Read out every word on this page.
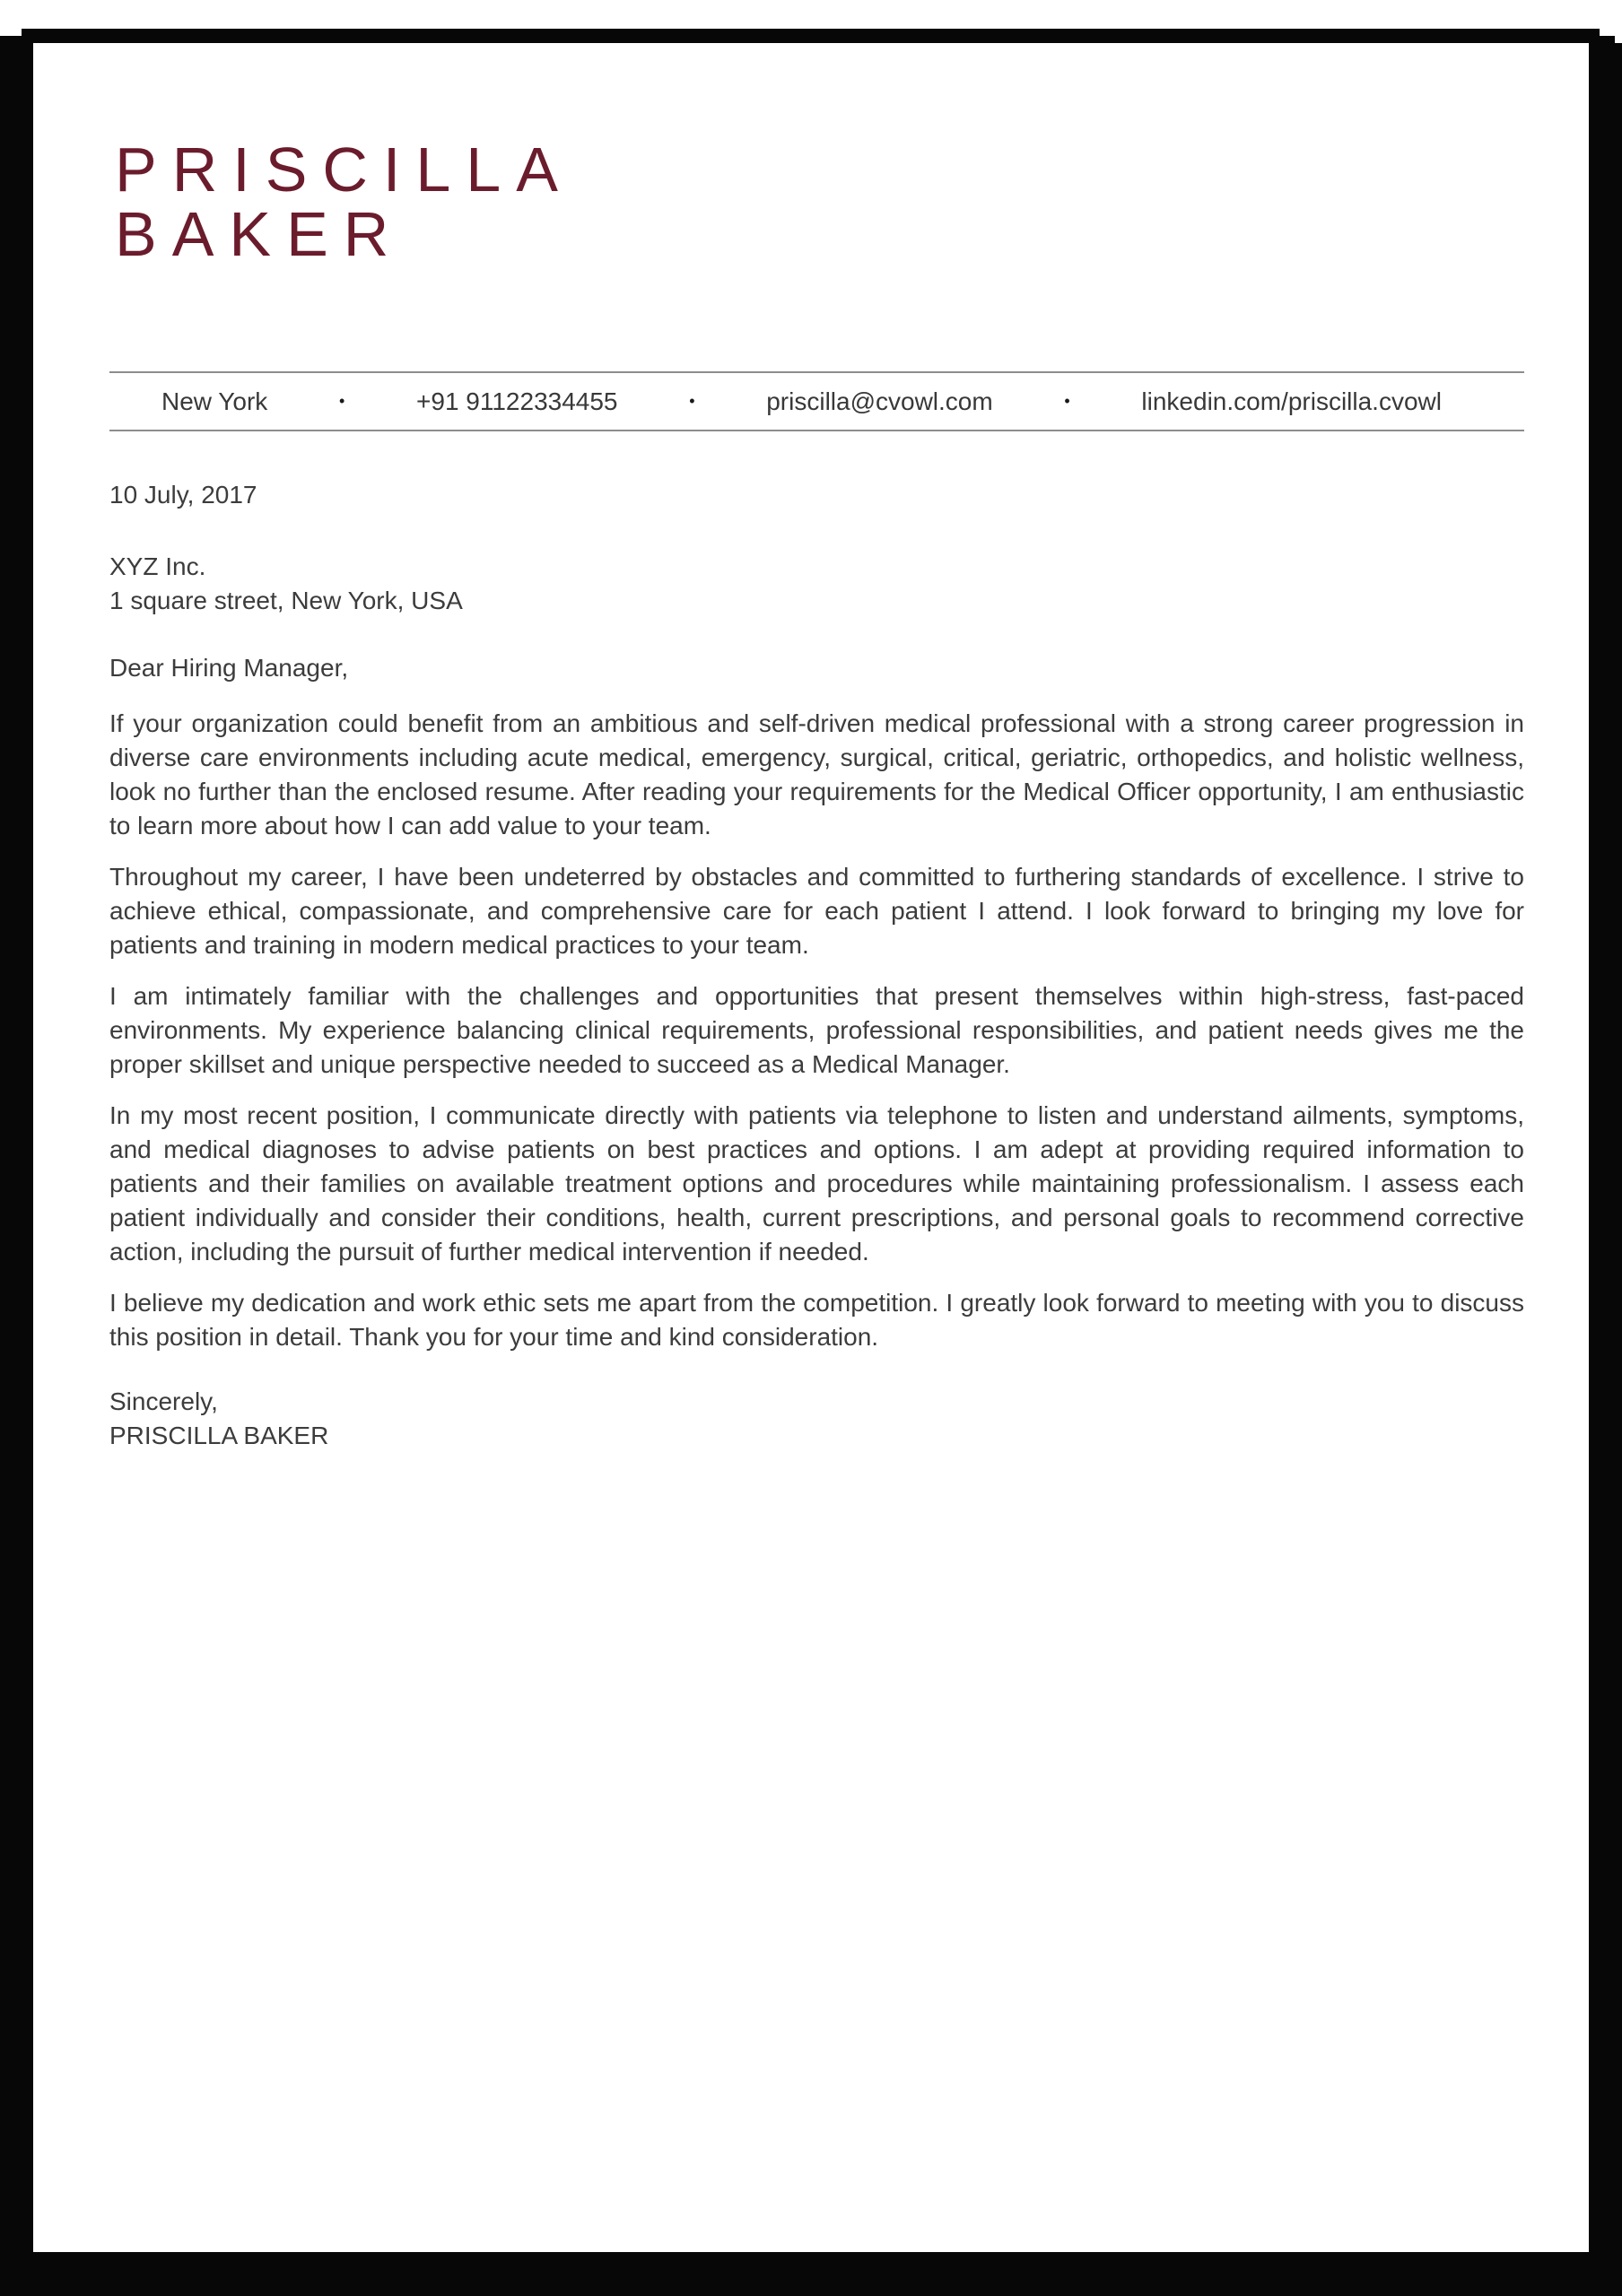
PRISCILLA
BAKER
New York	•	+91 91122334455	•	priscilla@cvowl.com	•	linkedin.com/priscilla.cvowl
10 July, 2017
XYZ Inc.
1 square street, New York, USA
Dear Hiring Manager,

If your organization could benefit from an ambitious and self-driven medical professional with a strong career progression in diverse care environments including acute medical, emergency, surgical, critical, geriatric, orthopedics, and holistic wellness, look no further than the enclosed resume. After reading your requirements for the Medical Officer opportunity, I am enthusiastic to learn more about how I can add value to your team.

Throughout my career, I have been undeterred by obstacles and committed to furthering standards of excellence. I strive to achieve ethical, compassionate, and comprehensive care for each patient I attend. I look forward to bringing my love for patients and training in modern medical practices to your team.

I am intimately familiar with the challenges and opportunities that present themselves within high-stress, fast-paced environments. My experience balancing clinical requirements, professional responsibilities, and patient needs gives me the proper skillset and unique perspective needed to succeed as a Medical Manager.

In my most recent position, I communicate directly with patients via telephone to listen and understand ailments, symptoms, and medical diagnoses to advise patients on best practices and options. I am adept at providing required information to patients and their families on available treatment options and procedures while maintaining professionalism. I assess each patient individually and consider their conditions, health, current prescriptions, and personal goals to recommend corrective action, including the pursuit of further medical intervention if needed.

I believe my dedication and work ethic sets me apart from the competition. I greatly look forward to meeting with you to discuss this position in detail. Thank you for your time and kind consideration.

Sincerely,
PRISCILLA BAKER
